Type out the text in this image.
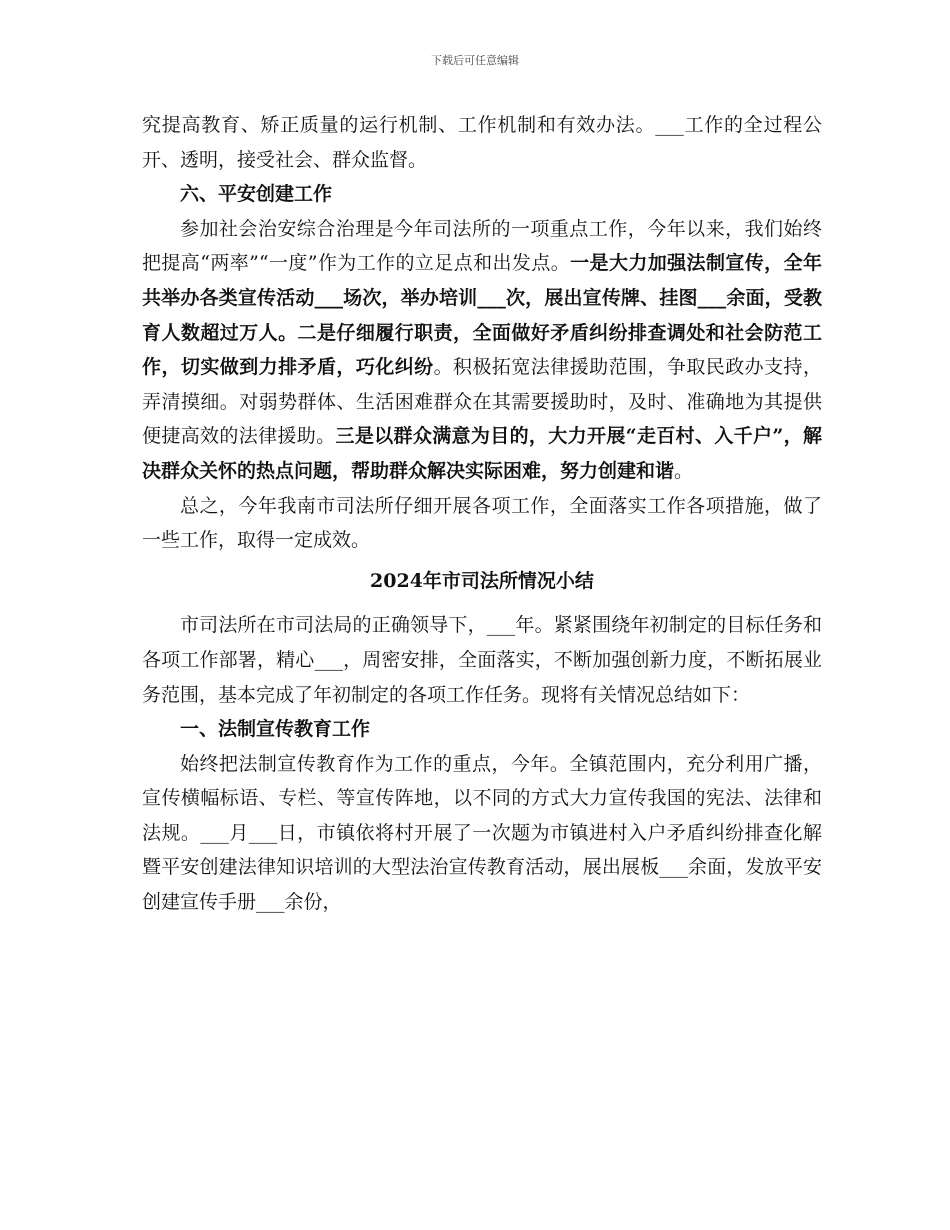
下载后可任意编辑

究提高教育、矫正质量的运行机制、工作机制和有效办法。___工作的全过程公开、透明，接受社会、群众监督。

六、平安创建工作

参加社会治安综合治理是今年司法所的一项重点工作，今年以来，我们始终把提高“两率”“一度”作为工作的立足点和出发点。一是大力加强法制宣传，全年共举办各类宣传活动___场次，举办培训___次，展出宣传牌、挂图___余面，受教育人数超过万人。二是仔细履行职责，全面做好矛盾纠纷排查调处和社会防范工作，切实做到力排矛盾，巧化纠纷。积极拓宽法律援助范围，争取民政办支持，弄清摸细。对弱势群体、生活困难群众在其需要援助时，及时、准确地为其提供便捷高效的法律援助。三是以群众满意为目的，大力开展“走百村、入千户”，解决群众关怀的热点问题，帮助群众解决实际困难，努力创建和谐。

总之，今年我南市司法所仔细开展各项工作，全面落实工作各项措施，做了一些工作，取得一定成效。

2024年市司法所情况小结

市司法所在市司法局的正确领导下，___年。紧紧围绕年初制定的目标任务和各项工作部署，精心___，周密安排，全面落实，不断加强创新力度，不断拓展业务范围，基本完成了年初制定的各项工作任务。现将有关情况总结如下：

一、法制宣传教育工作

始终把法制宣传教育作为工作的重点，今年。全镇范围内，充分利用广播，宣传横幅标语、专栏、等宣传阵地，以不同的方式大力宣传我国的宪法、法律和法规。___月___日，市镇依将村开展了一次题为市镇进村入户矛盾纠纷排查化解暨平安创建法律知识培训的大型法治宣传教育活动，展出展板___余面，发放平安创建宣传手册___余份，
